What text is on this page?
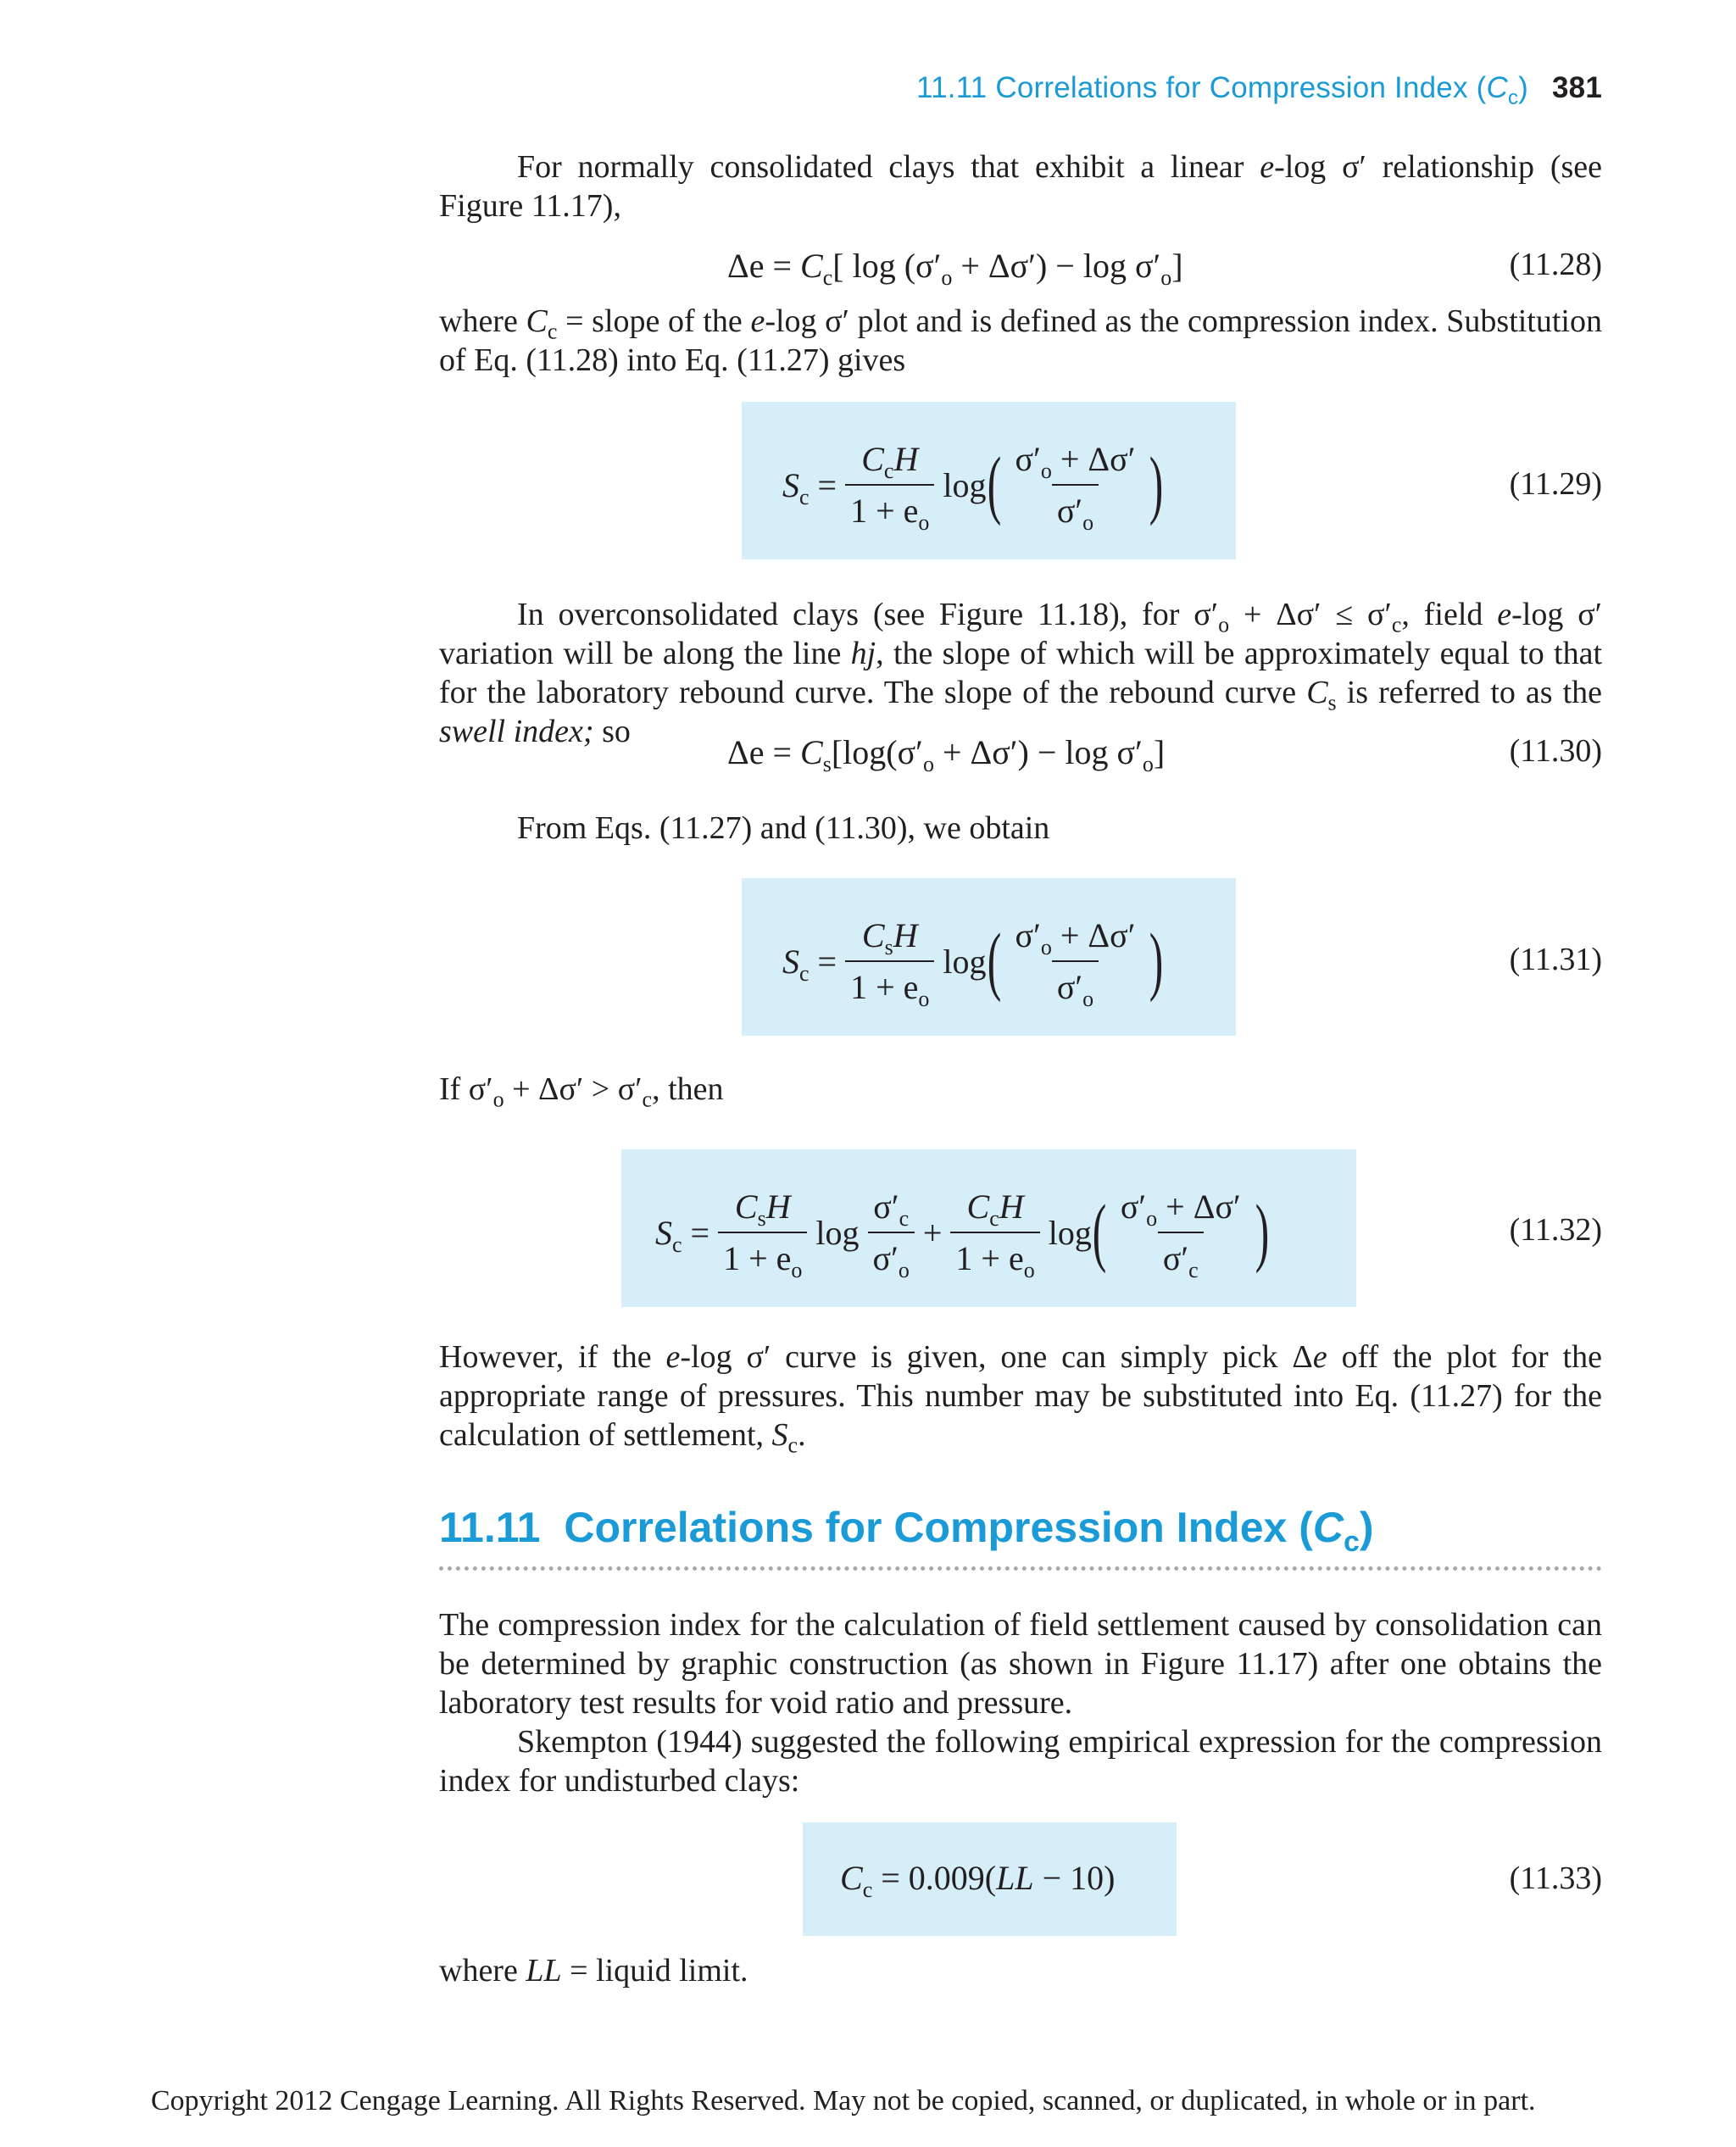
11.11 Correlations for Compression Index $(C_c)$ 381
For normally consolidated clays that exhibit a linear e-log σ′ relationship (see Figure 11.17),
$\Delta e = C_c$[ $\log (\sigma'_o + \Delta\sigma') - \log \sigma'_o$]	(11.28)
where $C_c$ = slope of the e-log σ′ plot and is defined as the compression index. Substitution of Eq. (11.28) into Eq. (11.27) gives
$S_c = \frac{C_cH}{1 + e_o}$ log ( $\frac{\sigma'_o + \Delta\sigma'}{\sigma'_o}$ )	(11.29)
In overconsolidated clays (see Figure 11.18), for $\sigma'_o + \Delta\sigma' \le \sigma'_c$, field e-log σ′ variation will be along the line hj, the slope of which will be approximately equal to that for the laboratory rebound curve. The slope of the rebound curve $C_s$ is referred to as the swell index; so
$\Delta e = C_s[\log(\sigma'_o + \Delta\sigma') - \log \sigma'_o]$	(11.30)
From Eqs. (11.27) and (11.30), we obtain
$S_c = \frac{C_sH}{1 + e_o}$ log ( $\frac{\sigma'_o + \Delta\sigma'}{\sigma'_o}$ )	(11.31)
If $\sigma'_o + \Delta\sigma' > \sigma'_c$, then
$S_c = \frac{C_sH}{1 + e_o}$ $\log \frac{\sigma'_c}{\sigma'_o} + \frac{C_cH}{1 + e_o}$ log ( $\frac{\sigma'_o + \Delta\sigma'}{\sigma'_c}$ )	(11.32)
However, if the e-log σ′ curve is given, one can simply pick Δe off the plot for the appropriate range of pressures. This number may be substituted into Eq. (11.27) for the calculation of settlement, $S_c$.
11.11 Correlations for Compression Index $(C_c)$
The compression index for the calculation of field settlement caused by consolidation can be determined by graphic construction (as shown in Figure 11.17) after one obtains the laboratory test results for void ratio and pressure.
Skempton (1944) suggested the following empirical expression for the compression index for undisturbed clays:
$C_c = 0.009(LL - 10)$	(11.33)
where LL = liquid limit.
Copyright 2012 Cengage Learning. All Rights Reserved. May not be copied, scanned, or duplicated, in whole or in part.
